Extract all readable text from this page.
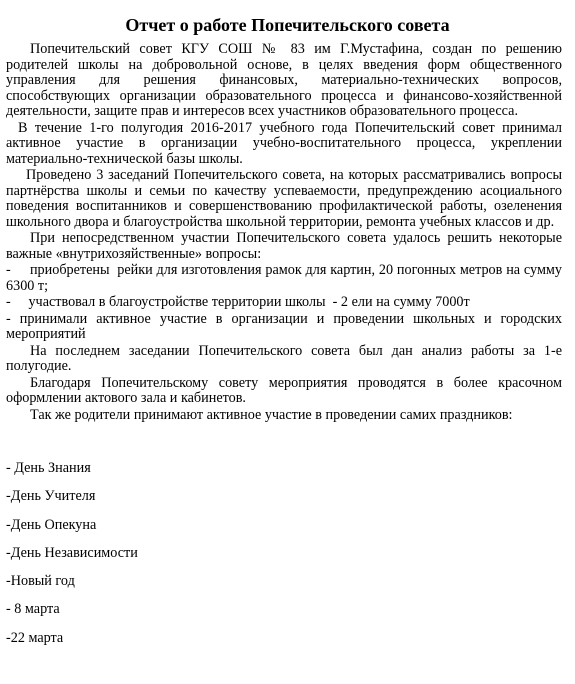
Отчет о работе Попечительского совета
Попечительский совет КГУ СОШ № 83 им Г.Мустафина, создан по решению родителей школы на добровольной основе, в целях введения форм общественного управления для решения финансовых, материально-технических вопросов, способствующих организации образовательного процесса и финансово-хозяйственной деятельности, защите прав и интересов всех участников образовательного процесса.
В течение 1-го полугодия 2016-2017 учебного года Попечительский совет принимал активное участие в организации учебно-воспитательного процесса, укреплении материально-технической базы школы.
Проведено 3 заседаний Попечительского совета, на которых рассматривались вопросы партнёрства школы и семьи по качеству успеваемости, предупреждению асоциального поведения воспитанников и совершенствованию профилактической работы, озеленения школьного двора и благоустройства школьной территории, ремонта учебных классов и др.
При непосредственном участии Попечительского совета удалось решить некоторые важные «внутрихозяйственные» вопросы:
-     приобретены  рейки для изготовления рамок для картин, 20 погонных метров на сумму 6300 т;
-     участвовал в благоустройстве территории школы  - 2 ели на сумму 7000т
- принимали активное участие в организации и проведении школьных и городских мероприятий
На последнем заседании Попечительского совета был дан анализ работы за 1-е полугодие.
Благодаря Попечительскому совету мероприятия проводятся в более красочном оформлении актового зала и кабинетов.
Так же родители принимают активное участие в проведении самих праздников:
- День Знания
-День Учителя
-День Опекуна
-День Независимости
-Новый год
- 8 марта
-22 марта
